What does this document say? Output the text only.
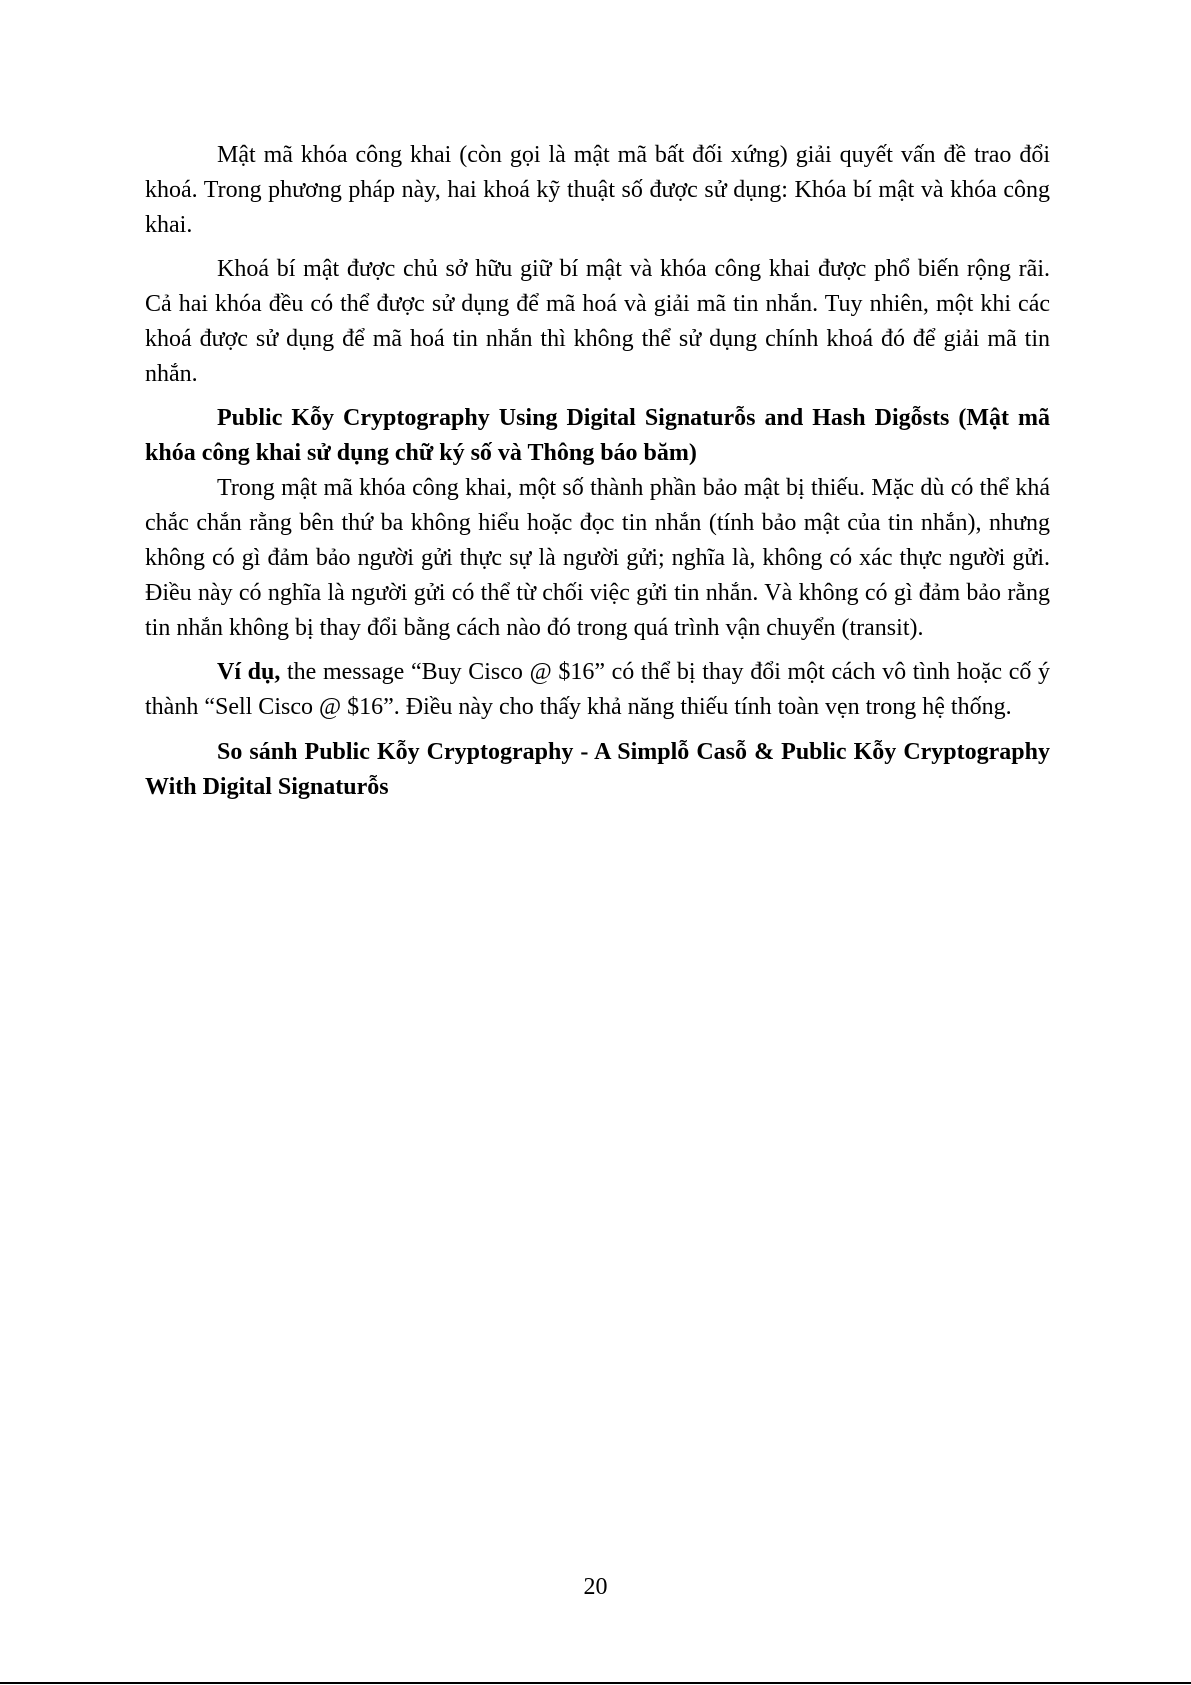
Mật mã khóa công khai (còn gọi là mật mã bất đối xứng) giải quyết vấn đề trao đổi khoá. Trong phương pháp này, hai khoá kỹ thuật số được sử dụng: Khóa bí mật và khóa công khai.

Khoá bí mật được chủ sở hữu giữ bí mật và khóa công khai được phổ biến rộng rãi. Cả hai khóa đều có thể được sử dụng để mã hoá và giải mã tin nhắn. Tuy nhiên, một khi các khoá được sử dụng để mã hoá tin nhắn thì không thể sử dụng chính khoá đó để giải mã tin nhắn.

Public Kỗy Cryptography Using Digital Signaturỗs and Hash Digỗsts (Mật mã khóa công khai sử dụng chữ ký số và Thông báo băm)

Trong mật mã khóa công khai, một số thành phần bảo mật bị thiếu. Mặc dù có thể khá chắc chắn rằng bên thứ ba không hiểu hoặc đọc tin nhắn (tính bảo mật của tin nhắn), nhưng không có gì đảm bảo người gửi thực sự là người gửi; nghĩa là, không có xác thực người gửi. Điều này có nghĩa là người gửi có thể từ chối việc gửi tin nhắn. Và không có gì đảm bảo rằng tin nhắn không bị thay đổi bằng cách nào đó trong quá trình vận chuyển (transit).

Ví dụ, the message “Buy Cisco @ $16” có thể bị thay đổi một cách vô tình hoặc cố ý thành “Sell Cisco @ $16”. Điều này cho thấy khả năng thiếu tính toàn vẹn trong hệ thống.

So sánh Public Kỗy Cryptography - A Simplỗ Casỗ & Public Kỗy Cryptography With Digital Signaturỗs

20
